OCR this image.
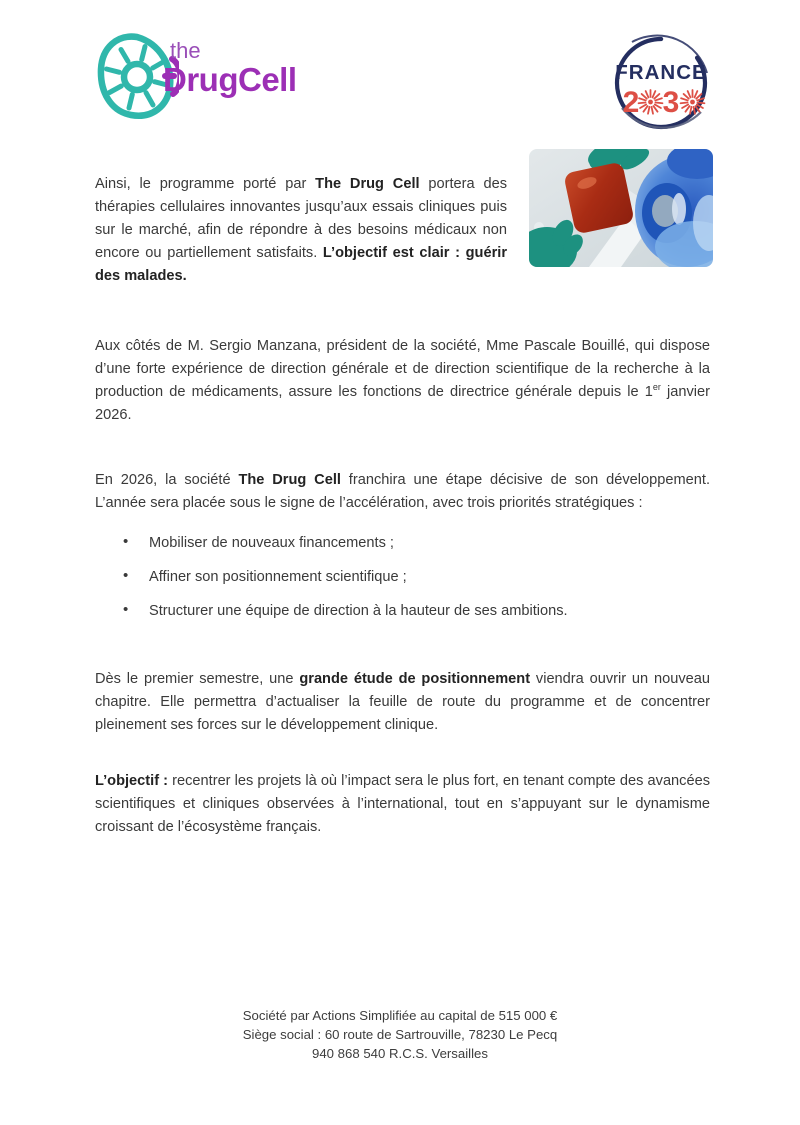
the
DrugCell	FRANCE
2 3

Ainsi, le programme porté par The Drug Cell portera des thérapies cellulaires innovantes jusqu’aux essais cliniques puis sur le marché, afin de répondre à des besoins médicaux non encore ou partiellement satisfaits. L’objectif est clair : guérir des malades.

Aux côtés de M. Sergio Manzana, président de la société, Mme Pascale Bouillé, qui dispose d’une forte expérience de direction générale et de direction scientifique de la recherche à la production de médicaments, assure les fonctions de directrice générale depuis le 1er janvier 2026.

En 2026, la société The Drug Cell franchira une étape décisive de son développement. L’année sera placée sous le signe de l’accélération, avec trois priorités stratégiques :

• Mobiliser de nouveaux financements ;
• Affiner son positionnement scientifique ;
• Structurer une équipe de direction à la hauteur de ses ambitions.

Dès le premier semestre, une grande étude de positionnement viendra ouvrir un nouveau chapitre. Elle permettra d’actualiser la feuille de route du programme et de concentrer pleinement ses forces sur le développement clinique.

L’objectif : recentrer les projets là où l’impact sera le plus fort, en tenant compte des avancées scientifiques et cliniques observées à l’international, tout en s’appuyant sur le dynamisme croissant de l’écosystème français.

Société par Actions Simplifiée au capital de 515 000 €
Siège social : 60 route de Sartrouville, 78230 Le Pecq
940 868 540 R.C.S. Versailles
